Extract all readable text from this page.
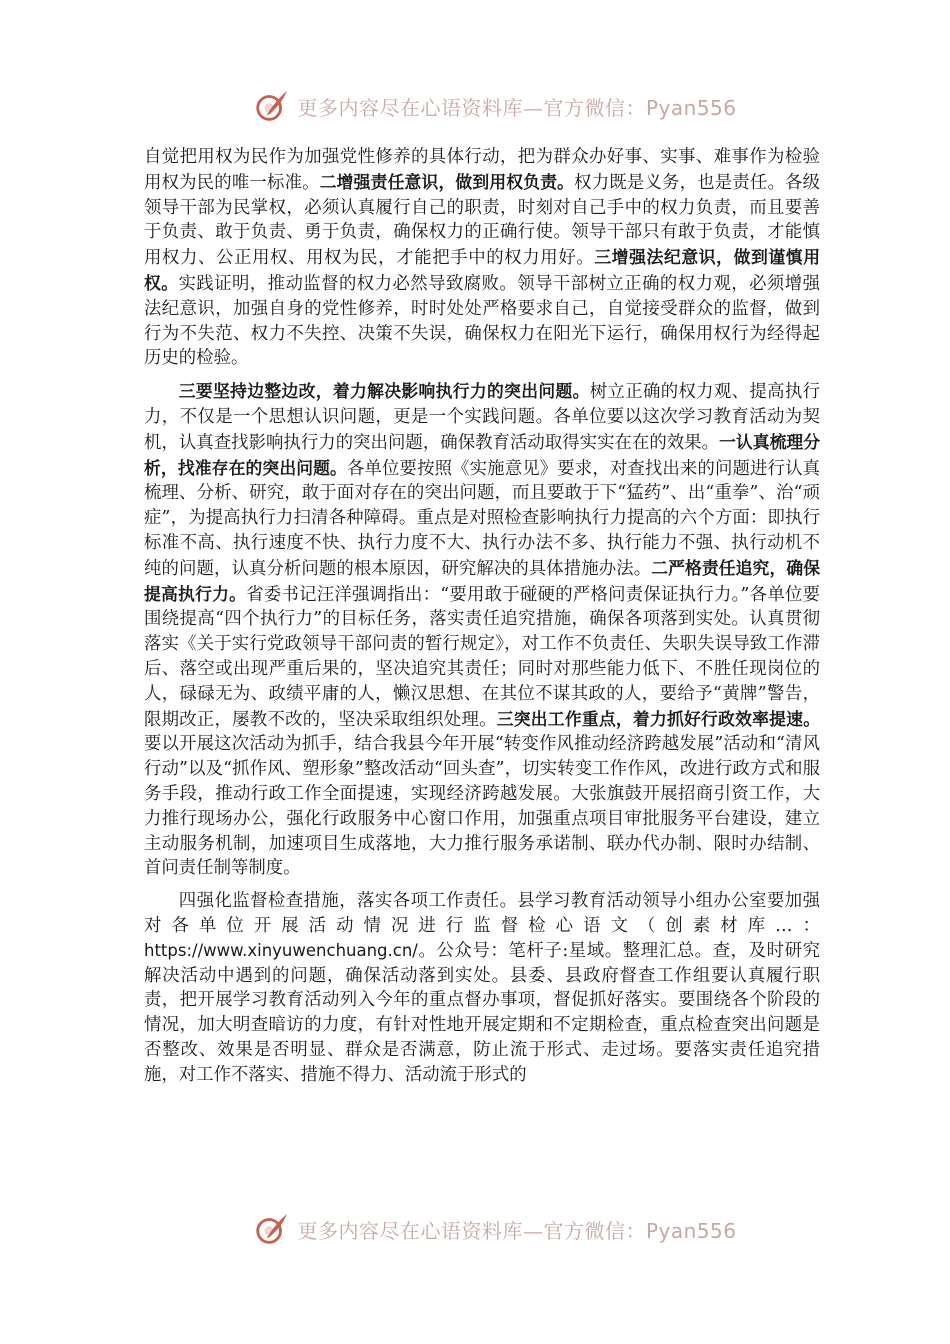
更多内容尽在心语资料库—官方微信：Pyan556

自觉把用权为民作为加强党性修养的具体行动，把为群众办好事、实事、难事作为检验用权为民的唯一标准。二增强责任意识，做到用权负责。权力既是义务，也是责任。各级领导干部为民掌权，必须认真履行自己的职责，时刻对自己手中的权力负责，而且要善于负责、敢于负责、勇于负责，确保权力的正确行使。领导干部只有敢于负责，才能慎用权力、公正用权、用权为民，才能把手中的权力用好。三增强法纪意识，做到谨慎用权。实践证明，推动监督的权力必然导致腐败。领导干部树立正确的权力观，必须增强法纪意识，加强自身的党性修养，时时处处严格要求自己，自觉接受群众的监督，做到行为不失范、权力不失控、决策不失误，确保权力在阳光下运行，确保用权行为经得起历史的检验。

三要坚持边整边改，着力解决影响执行力的突出问题。树立正确的权力观、提高执行力，不仅是一个思想认识问题，更是一个实践问题。各单位要以这次学习教育活动为契机，认真查找影响执行力的突出问题，确保教育活动取得实实在在的效果。一认真梳理分析，找准存在的突出问题。各单位要按照《实施意见》要求，对查找出来的问题进行认真梳理、分析、研究，敢于面对存在的突出问题，而且要敢于下“猛药”、出“重拳”、治“顽症”，为提高执行力扫清各种障碍。重点是对照检查影响执行力提高的六个方面：即执行标准不高、执行速度不快、执行力度不大、执行办法不多、执行能力不强、执行动机不纯的问题，认真分析问题的根本原因，研究解决的具体措施办法。二严格责任追究，确保提高执行力。省委书记汪洋强调指出：“要用敢于碰硬的严格问责保证执行力。”各单位要围绕提高“四个执行力”的目标任务，落实责任追究措施，确保各项落到实处。认真贯彻落实《关于实行党政领导干部问责的暂行规定》，对工作不负责任、失职失误导致工作滞后、落空或出现严重后果的，坚决追究其责任；同时对那些能力低下、不胜任现岗位的人，碌碌无为、政绩平庸的人，懒汉思想、在其位不谋其政的人，要给予“黄牌”警告，限期改正，屡教不改的，坚决采取组织处理。三突出工作重点，着力抓好行政效率提速。要以开展这次活动为抓手，结合我县今年开展“转变作风推动经济跨越发展”活动和“清风行动”以及“抓作风、塑形象”整改活动“回头查”，切实转变工作作风，改进行政方式和服务手段，推动行政工作全面提速，实现经济跨越发展。大张旗鼓开展招商引资工作，大力推行现场办公，强化行政服务中心窗口作用，加强重点项目审批服务平台建设，建立主动服务机制，加速项目生成落地，大力推行服务承诺制、联办代办制、限时办结制、首问责任制等制度。

四强化监督检查措施，落实各项工作责任。县学习教育活动领导小组办公室要加强对各单位开展活动情况进行监督检心语文（创素材库…：https://www.xinyuwenchuang.cn/。公众号：笔杆子:星域。整理汇总。查，及时研究解决活动中遇到的问题，确保活动落到实处。县委、县政府督查工作组要认真履行职责，把开展学习教育活动列入今年的重点督办事项，督促抓好落实。要围绕各个阶段的情况，加大明查暗访的力度，有针对性地开展定期和不定期检查，重点检查突出问题是否整改、效果是否明显、群众是否满意，防止流于形式、走过场。要落实责任追究措施，对工作不落实、措施不得力、活动流于形式的

更多内容尽在心语资料库—官方微信：Pyan556
